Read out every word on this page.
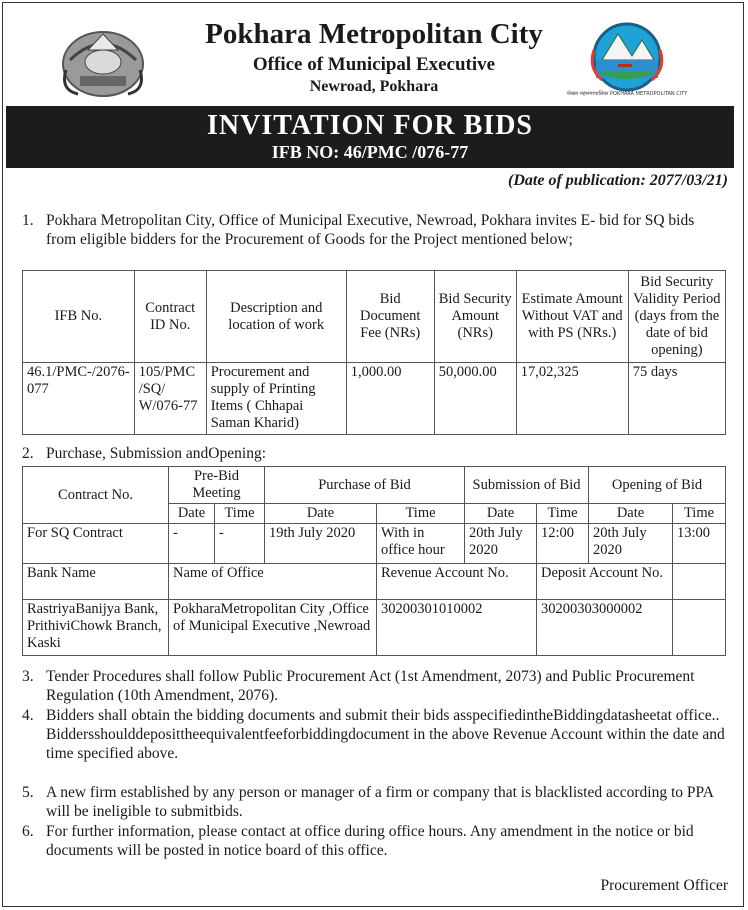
पोखरा महानगरपालिका POKHARA METROPOLITAN CITY
Pokhara Metropolitan City
Office of Municipal Executive
Newroad, Pokhara
INVITATION FOR BIDS
IFB NO: 46/PMC /076-77
(Date of publication: 2077/03/21)
1. Pokhara Metropolitan City, Office of Municipal Executive, Newroad, Pokhara invites E- bid for SQ bids from eligible bidders for the Procurement of Goods for the Project mentioned below;
IFB No.	Contract ID No.	Description and location of work	Bid Document Fee (NRs)	Bid Security Amount (NRs)	Estimate Amount Without VAT and with PS (NRs.)	Bid Security Validity Period (days from the date of bid opening)
46.1/PMC-/2076-077	105/PMC /SQ/ W/076-77	Procurement and supply of Printing Items ( Chhapai Saman Kharid)	1,000.00	50,000.00	17,02,325	75 days
2. Purchase, Submission andOpening:
Contract No.	Pre-Bid Meeting		Purchase of Bid		Submission of Bid		Opening of Bid	
	Date	Time	Date	Time	Date	Time	Date	Time
For SQ Contract	-	-	19th July 2020	With in office hour	20th July 2020	12:00	20th July 2020	13:00
Bank Name	Name of Office			Revenue Account No.		Deposit Account No.		
RastriyaBanijya Bank, PrithiviChowk Branch, Kaski	PokharaMetropolitan City ,Office of Municipal Executive ,Newroad			30200301010002		30200303000002		
3. Tender Procedures shall follow Public Procurement Act (1st Amendment, 2073) and Public Procurement Regulation (10th Amendment, 2076).
4. Bidders shall obtain the bidding documents and submit their bids asspecifiedintheBiddingdatasheetat office.. Biddersshoulddeposittheequivalentfeeforbiddingdocument in the above Revenue Account within the date and time specified above.
5. A new firm established by any person or manager of a firm or company that is blacklisted according to PPA will be ineligible to submitbids.
6. For further information, please contact at office during office hours. Any amendment in the notice or bid documents will be posted in notice board of this office.
Procurement Officer
